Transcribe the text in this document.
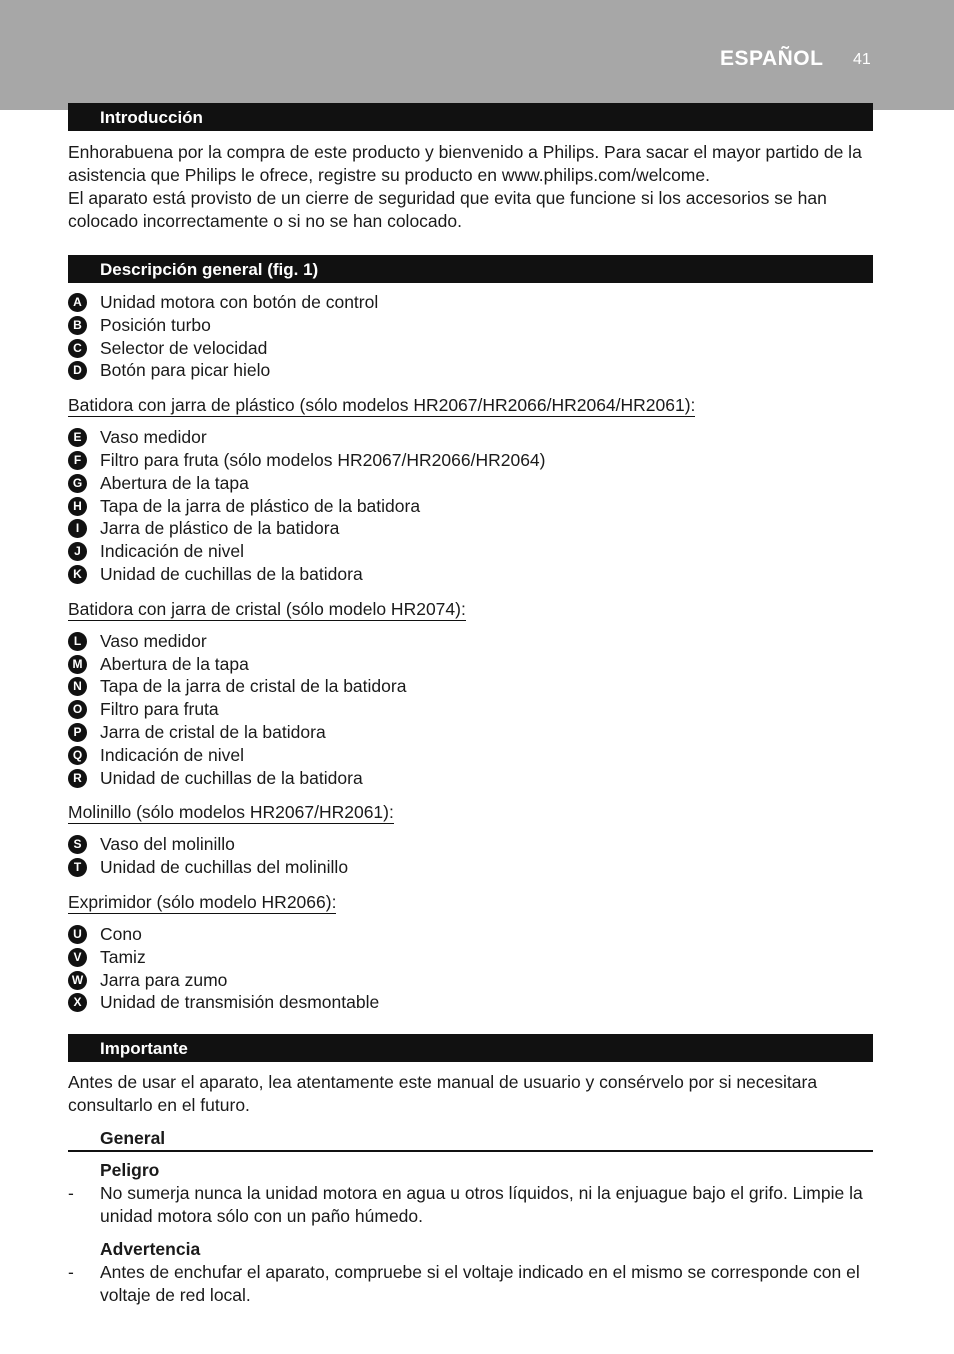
ESPAÑOL 41
Introducción

Enhorabuena por la compra de este producto y bienvenido a Philips. Para sacar el mayor partido de la asistencia que Philips le ofrece, registre su producto en www.philips.com/welcome.

El aparato está provisto de un cierre de seguridad que evita que funcione si los accesorios se han colocado incorrectamente o si no se han colocado.

Descripción general (fig. 1)
A Unidad motora con botón de control
B Posición turbo
C Selector de velocidad
D Botón para picar hielo
Batidora con jarra de plástico (sólo modelos HR2067/HR2066/HR2064/HR2061):
E	Vaso medidor
F	Filtro para fruta (sólo modelos HR2067/HR2066/HR2064)
G Abertura de la tapa
H Tapa de la jarra de plástico de la batidora
I	Jarra de plástico de la batidora
J	Indicación de nivel
K Unidad de cuchillas de la batidora
Batidora con jarra de cristal (sólo modelo HR2074):
L	Vaso medidor
M Abertura de la tapa
N Tapa de la jarra de cristal de la batidora
O Filtro para fruta
P	Jarra de cristal de la batidora
Q Indicación de nivel
R Unidad de cuchillas de la batidora
Molinillo (sólo modelos HR2067/HR2061):
S	Vaso del molinillo
T	Unidad de cuchillas del molinillo
Exprimidor (sólo modelo HR2066):
U Cono
V	Tamiz
W Jarra para zumo
X	Unidad de transmisión desmontable
Importante

Antes de usar el aparato, lea atentamente este manual de usuario y consérvelo por si necesitara consultarlo en el futuro.

General
Peligro
- No sumerja nunca la unidad motora en agua u otros líquidos, ni la enjuague bajo el grifo. Limpie la unidad motora sólo con un paño húmedo.
Advertencia
- Antes de enchufar el aparato, compruebe si el voltaje indicado en el mismo se corresponde con el voltaje de red local.
